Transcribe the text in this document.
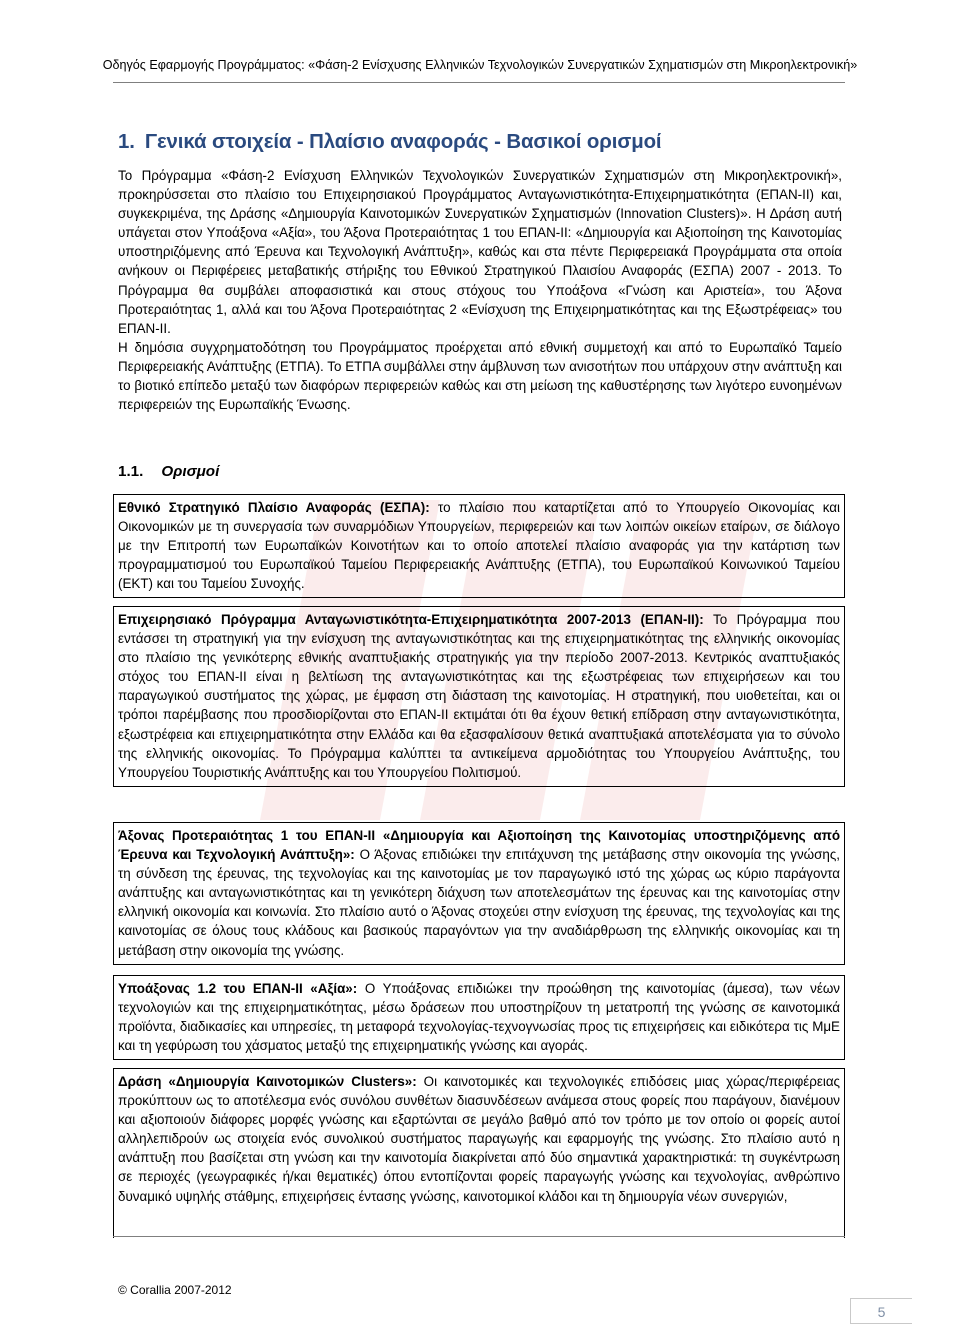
Οδηγός Εφαρμογής Προγράμματος: «Φάση-2 Ενίσχυσης Ελληνικών Τεχνολογικών Συνεργατικών Σχηματισμών στη Μικροηλεκτρονική»
1. Γενικά στοιχεία - Πλαίσιο αναφοράς - Βασικοί ορισμοί

Το Πρόγραμμα «Φάση-2 Ενίσχυση Ελληνικών Τεχνολογικών Συνεργατικών Σχηματισμών στη Μικροηλεκτρονική», προκηρύσσεται στο πλαίσιο του Επιχειρησιακού Προγράμματος Ανταγωνιστικότητα-Επιχειρηματικότητα (ΕΠΑΝ-ΙΙ) και, συγκεκριμένα, της Δράσης «Δημιουργία Καινοτομικών Συνεργατικών Σχηματισμών (Innovation Clusters)». Η Δράση αυτή υπάγεται στον Υποάξονα «Αξία», του Άξονα Προτεραιότητας 1 του ΕΠΑΝ-ΙΙ: «Δημιουργία και Αξιοποίηση της Καινοτομίας υποστηριζόμενης από Έρευνα και Τεχνολογική Ανάπτυξη», καθώς και στα πέντε Περιφερειακά Προγράμματα στα οποία ανήκουν οι Περιφέρειες μεταβατικής στήριξης του Εθνικού Στρατηγικού Πλαισίου Αναφοράς (ΕΣΠΑ) 2007 - 2013. Το Πρόγραμμα θα συμβάλει αποφασιστικά και στους στόχους του Υποάξονα «Γνώση και Αριστεία», του Άξονα Προτεραιότητας 1, αλλά και του Άξονα Προτεραιότητας 2 «Ενίσχυση της Επιχειρηματικότητας και της Εξωστρέφειας» του ΕΠΑΝ-ΙΙ.

Η δημόσια συγχρηματοδότηση του Προγράμματος προέρχεται από εθνική συμμετοχή και από το Ευρωπαϊκό Ταμείο Περιφερειακής Ανάπτυξης (ΕΤΠΑ). Το ΕΤΠΑ συμβάλλει στην άμβλυνση των ανισοτήτων που υπάρχουν στην ανάπτυξη και το βιοτικό επίπεδο μεταξύ των διαφόρων περιφερειών καθώς και στη μείωση της καθυστέρησης των λιγότερο ευνοημένων περιφερειών της Ευρωπαϊκής Ένωσης.

1.1. Ορισμοί
Εθνικό Στρατηγικό Πλαίσιο Αναφοράς (ΕΣΠΑ): το πλαίσιο που καταρτίζεται από το Υπουργείο Οικονομίας και Οικονομικών με τη συνεργασία των συναρμόδιων Υπουργείων, περιφερειών και των λοιπών οικείων εταίρων, σε διάλογο με την Επιτροπή των Ευρωπαϊκών Κοινοτήτων και το οποίο αποτελεί πλαίσιο αναφοράς για την κατάρτιση των προγραμματισμού του Ευρωπαϊκού Ταμείου Περιφερειακής Ανάπτυξης (ΕΤΠΑ), του Ευρωπαϊκού Κοινωνικού Ταμείου (ΕΚΤ) και του Ταμείου Συνοχής.
Επιχειρησιακό Πρόγραμμα Ανταγωνιστικότητα-Επιχειρηματικότητα 2007-2013 (ΕΠΑΝ-ΙΙ): Το Πρόγραμμα που εντάσσει τη στρατηγική για την ενίσχυση της ανταγωνιστικότητας και της επιχειρηματικότητας της ελληνικής οικονομίας στο πλαίσιο της γενικότερης εθνικής αναπτυξιακής στρατηγικής για την περίοδο 2007-2013. Κεντρικός αναπτυξιακός στόχος του ΕΠΑΝ-ΙΙ είναι η βελτίωση της ανταγωνιστικότητας και της εξωστρέφειας των επιχειρήσεων και του παραγωγικού συστήματος της χώρας, με έμφαση στη διάσταση της καινοτομίας. Η στρατηγική, που υιοθετείται, και οι τρόποι παρέμβασης που προσδιορίζονται στο ΕΠΑΝ-ΙΙ εκτιμάται ότι θα έχουν θετική επίδραση στην ανταγωνιστικότητα, εξωστρέφεια και επιχειρηματικότητα στην Ελλάδα και θα εξασφαλίσουν θετικά αναπτυξιακά αποτελέσματα για το σύνολο της ελληνικής οικονομίας. Το Πρόγραμμα καλύπτει τα αντικείμενα αρμοδιότητας του Υπουργείου Ανάπτυξης, του Υπουργείου Τουριστικής Ανάπτυξης και του Υπουργείου Πολιτισμού.
Άξονας Προτεραιότητας 1 του ΕΠΑΝ-ΙΙ «Δημιουργία και Αξιοποίηση της Καινοτομίας υποστηριζόμενης από Έρευνα και Τεχνολογική Ανάπτυξη»: Ο Άξονας επιδιώκει την επιτάχυνση της μετάβασης στην οικονομία της γνώσης, τη σύνδεση της έρευνας, της τεχνολογίας και της καινοτομίας με τον παραγωγικό ιστό της χώρας ως κύριο παράγοντα ανάπτυξης και ανταγωνιστικότητας και τη γενικότερη διάχυση των αποτελεσμάτων της έρευνας και της καινοτομίας στην ελληνική οικονομία και κοινωνία. Στο πλαίσιο αυτό ο Άξονας στοχεύει στην ενίσχυση της έρευνας, της τεχνολογίας και της καινοτομίας σε όλους τους κλάδους και βασικούς παραγόντων για την αναδιάρθρωση της ελληνικής οικονομίας και τη μετάβαση στην οικονομία της γνώσης.
Υποάξονας 1.2 του ΕΠΑΝ-ΙΙ «Αξία»: Ο Υποάξονας επιδιώκει την προώθηση της καινοτομίας (άμεσα), των νέων τεχνολογιών και της επιχειρηματικότητας, μέσω δράσεων που υποστηρίζουν τη μετατροπή της γνώσης σε καινοτομικά προϊόντα, διαδικασίες και υπηρεσίες, τη μεταφορά τεχνολογίας-τεχνογνωσίας προς τις επιχειρήσεις και ειδικότερα τις ΜμΕ και τη γεφύρωση του χάσματος μεταξύ της επιχειρηματικής γνώσης και αγοράς.
Δράση «Δημιουργία Καινοτομικών Clusters»: Οι καινοτομικές και τεχνολογικές επιδόσεις μιας χώρας/περιφέρειας προκύπτουν ως το αποτέλεσμα ενός συνόλου συνθέτων διασυνδέσεων ανάμεσα στους φορείς που παράγουν, διανέμουν και αξιοποιούν διάφορες μορφές γνώσης και εξαρτώνται σε μεγάλο βαθμό από τον τρόπο με τον οποίο οι φορείς αυτοί αλληλεπιδρούν ως στοιχεία ενός συνολικού συστήματος παραγωγής και εφαρμογής της γνώσης. Στο πλαίσιο αυτό η ανάπτυξη που βασίζεται στη γνώση και την καινοτομία διακρίνεται από δύο σημαντικά χαρακτηριστικά: τη συγκέντρωση σε περιοχές (γεωγραφικές ή/και θεματικές) όπου εντοπίζονται φορείς παραγωγής γνώσης και τεχνολογίας, ανθρώπινο δυναμικό υψηλής στάθμης, επιχειρήσεις έντασης γνώσης, καινοτομικοί κλάδοι και τη δημιουργία νέων συνεργιών,
© Corallia 2007-2012
5
